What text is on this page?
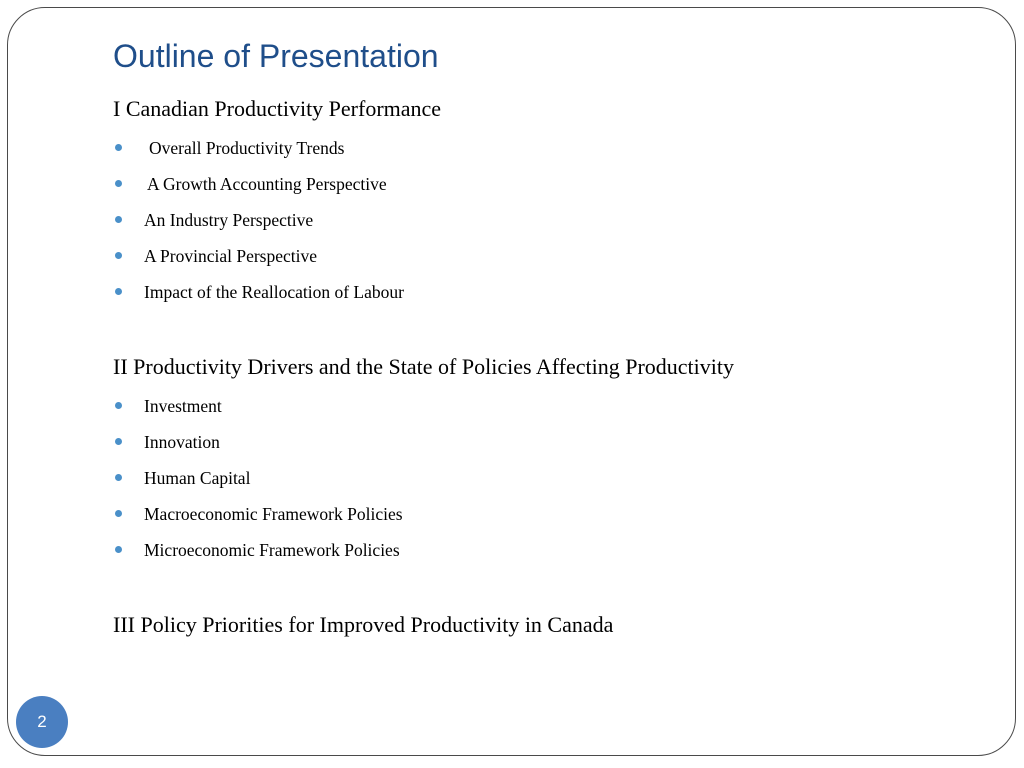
Outline of Presentation

I Canadian Productivity Performance

Overall Productivity Trends
A Growth Accounting Perspective
An Industry Perspective
A Provincial Perspective
Impact of the Reallocation of Labour

II Productivity Drivers and the State of Policies Affecting Productivity

Investment
Innovation
Human Capital
Macroeconomic Framework Policies
Microeconomic Framework Policies

III Policy Priorities for Improved Productivity in Canada

2
